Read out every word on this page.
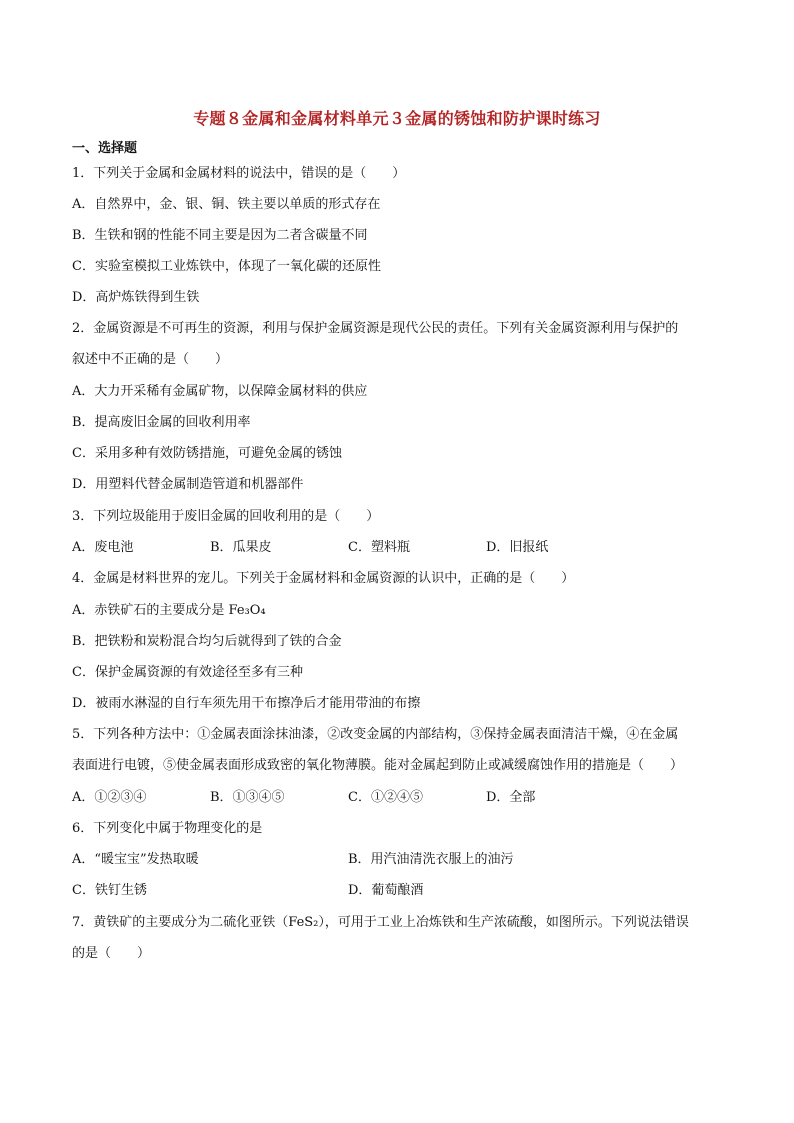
专题８金属和金属材料单元３金属的锈蚀和防护课时练习
一、选择题
1．下列关于金属和金属材料的说法中，错误的是（　　）
A．自然界中，金、银、铜、铁主要以单质的形式存在
B．生铁和钢的性能不同主要是因为二者含碳量不同
C．实验室模拟工业炼铁中，体现了一氧化碳的还原性
D．高炉炼铁得到生铁
2．金属资源是不可再生的资源，利用与保护金属资源是现代公民的责任。下列有关金属资源利用与保护的
叙述中不正确的是（　　）
A．大力开采稀有金属矿物，以保障金属材料的供应
B．提高废旧金属的回收利用率
C．采用多种有效防锈措施，可避免金属的锈蚀
D．用塑料代替金属制造管道和机器部件
3．下列垃圾能用于废旧金属的回收利用的是（　　）
A．废电池	B．瓜果皮	C．塑料瓶	D．旧报纸
4．金属是材料世界的宠儿。下列关于金属材料和金属资源的认识中，正确的是（　　）
A．赤铁矿石的主要成分是 Fe₃O₄
B．把铁粉和炭粉混合均匀后就得到了铁的合金
C．保护金属资源的有效途径至多有三种
D．被雨水淋湿的自行车须先用干布擦净后才能用带油的布擦
5．下列各种方法中：①金属表面涂抹油漆，②改变金属的内部结构，③保持金属表面清洁干燥，④在金属
表面进行电镀，⑤使金属表面形成致密的氧化物薄膜。能对金属起到防止或减缓腐蚀作用的措施是（　　）
A．①②③④	B．①③④⑤	C．①②④⑤	D．全部
6．下列变化中属于物理变化的是
A．“暖宝宝”发热取暖	B．用汽油清洗衣服上的油污
C．铁钉生锈	D．葡萄酿酒
7．黄铁矿的主要成分为二硫化亚铁（FeS₂），可用于工业上冶炼铁和生产浓硫酸，如图所示。下列说法错误
的是（　　）
